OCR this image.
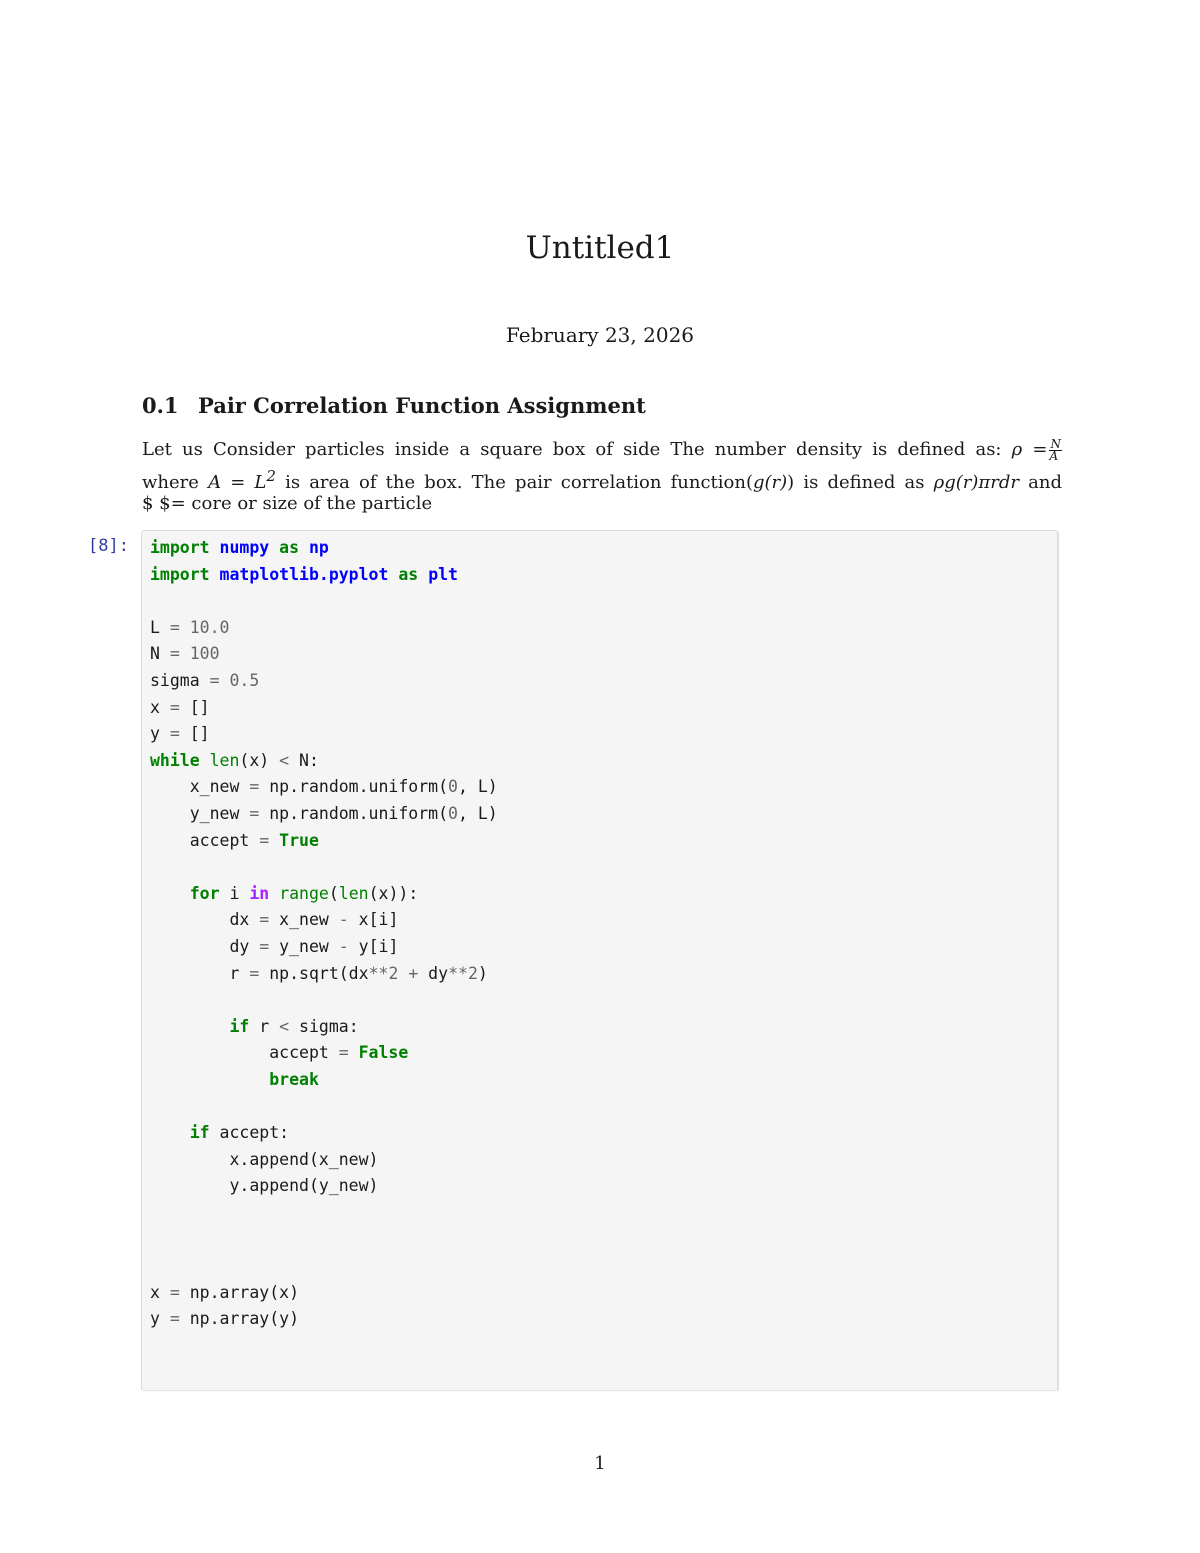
Untitled1

February 23, 2026

0.1 Pair Correlation Function Assignment
Let us Consider particles inside a square box of side The number density is defined as: $\rho = \frac{N}{A}$
where $A = L^2$ is area of the box. The pair correlation function(g(r)) is defined as ρg(r)πrdr and
$ $= core or size of the particle
[8]: import numpy as np
import matplotlib.pyplot as plt
L = 10.0
N = 100
sigma = 0.5
x = []
y = []
while len(x) < N:
x_new = np.random.uniform(0, L)
y_new = np.random.uniform(0, L)
accept = True
for i in range(len(x)):
dx = x_new - x[i]
dy = y_new - y[i]
r = np.sqrt(dx**2 + dy**2)
if r < sigma:
accept = False
break
if accept:
x.append(x_new)
y.append(y_new)
x = np.array(x)
y = np.array(y)

1
